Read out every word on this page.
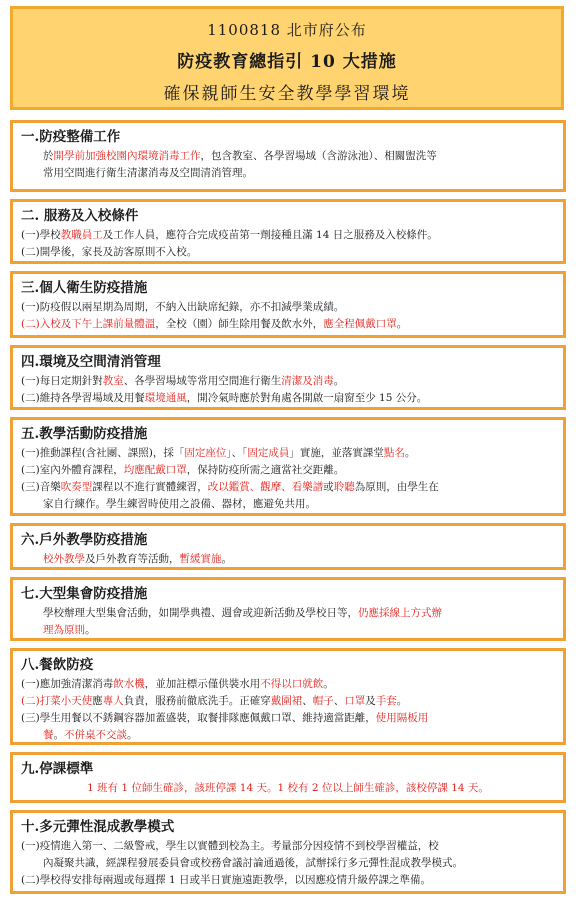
1100818 北市府公布
防疫教育總指引 10 大措施
確保親師生安全教學學習環境
一.防疫整備工作
於開學前加強校園內環境消毒工作，包含教室、各學習場域（含游泳池）、相關盥洗等
常用空間進行衛生清潔消毒及空間清消管理。
二. 服務及入校條件
(一)學校教職員工及工作人員，應符合完成疫苗第一劑接種且滿 14 日之服務及入校條件。
(二)開學後，家長及訪客原則不入校。
三.個人衛生防疫措施
(一)防疫假以兩星期為周期，不納入出缺席紀錄，亦不扣減學業成績。
(二)入校及下午上課前量體溫，全校（園）師生除用餐及飲水外，應全程佩戴口罩。
四.環境及空間清消管理
(一)每日定期針對教室、各學習場域等常用空間進行衛生清潔及消毒。
(二)維持各學習場域及用餐環境通風，開冷氣時應於對角處各開啟一扇窗至少 15 公分。
五.教學活動防疫措施
(一)推動課程(含社團、課照)，採「固定座位」、「固定成員」實施，並落實課堂點名。
(二)室內外體育課程，均應配戴口罩，保持防疫所需之適當社交距離。
(三)音樂吹奏型課程以不進行實體練習，改以鑑賞、觀摩、看樂譜或聆聽為原則，由學生在
家自行練作。學生練習時使用之設備、器材，應避免共用。
六.戶外教學防疫措施
校外教學及戶外教育等活動，暫緩實施。
七.大型集會防疫措施
學校辦理大型集會活動，如開學典禮、週會或迎新活動及學校日等，仍應採線上方式辦
理為原則。
八.餐飲防疫
(一)應加強清潔消毒飲水機，並加註標示僅供裝水用不得以口就飲。
(二)打菜小天使應專人負責，服務前徹底洗手。正確穿戴圍裙、帽子、口罩及手套。
(三)學生用餐以不銹鋼容器加蓋盛裝，取餐排隊應佩戴口罩、維持適當距離，使用隔板用
餐。不併桌不交談。
九.停課標準
1 班有 1 位師生確診，該班停課 14 天。1 校有 2 位以上師生確診，該校停課 14 天。
十.多元彈性混成教學模式
(一)疫情進入第一、二級警戒，學生以實體到校為主。考量部分因疫情不到校學習權益，校
內凝聚共識，經課程發展委員會或校務會議討論通過後，試辦採行多元彈性混成教學模式。
(二)學校得安排每兩週或每週擇 1 日或半日實施遠距教學，以因應疫情升級停課之準備。
